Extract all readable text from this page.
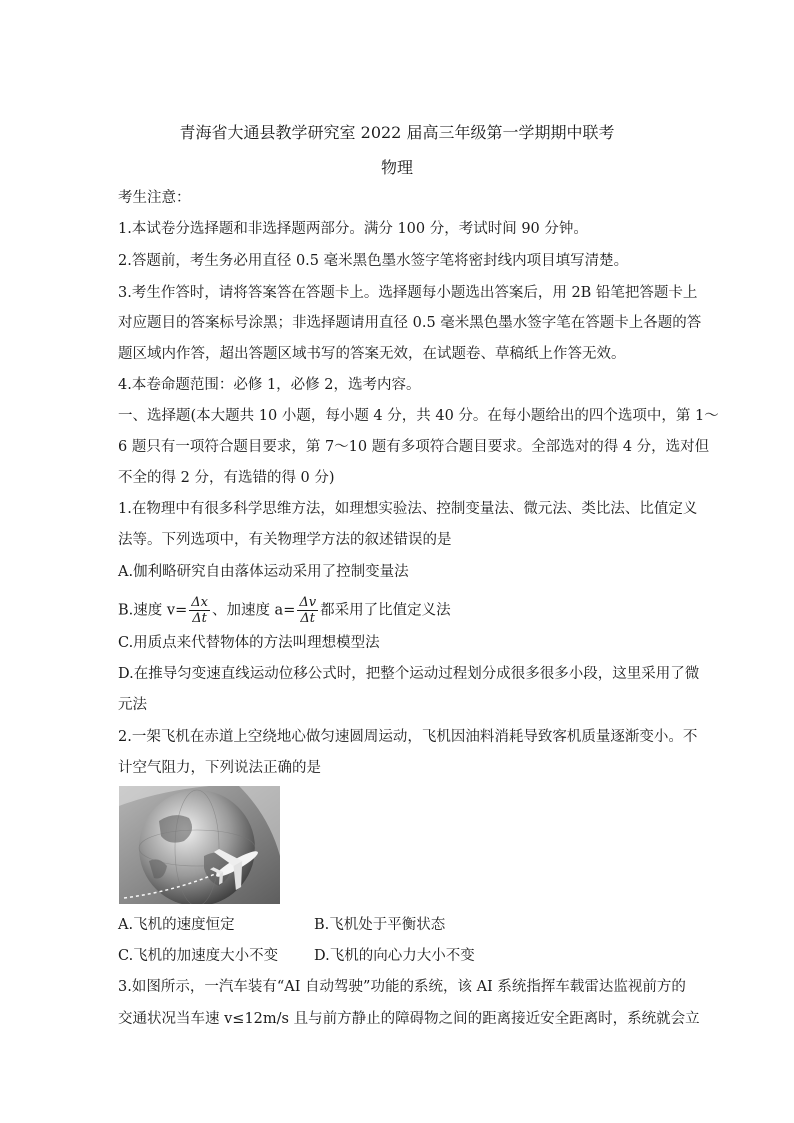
青海省大通县教学研究室 2022 届高三年级第一学期期中联考
物理
考生注意：
1.本试卷分选择题和非选择题两部分。满分 100 分，考试时间 90 分钟。
2.答题前，考生务必用直径 0.5 毫米黑色墨水签字笔将密封线内项目填写清楚。
3.考生作答时，请将答案答在答题卡上。选择题每小题选出答案后，用 2B 铅笔把答题卡上
对应题目的答案标号涂黑；非选择题请用直径 0.5 毫米黑色墨水签字笔在答题卡上各题的答
题区域内作答，超出答题区域书写的答案无效，在试题卷、草稿纸上作答无效。
4.本卷命题范围：必修 1，必修 2，选考内容。
一、选择题(本大题共 10 小题，每小题 4 分，共 40 分。在每小题给出的四个选项中，第 1～
6 题只有一项符合题目要求，第 7～10 题有多项符合题目要求。全部选对的得 4 分，选对但
不全的得 2 分，有选错的得 0 分)
1.在物理中有很多科学思维方法，如理想实验法、控制变量法、微元法、类比法、比值定义
法等。下列选项中，有关物理学方法的叙述错误的是
A.伽利略研究自由落体运动采用了控制变量法
B.速度 $v= \frac{\Delta x}{\Delta t}$ 、加速度 $a= \frac{\Delta v}{\Delta t}$ 都采用了比值定义法
C.用质点来代替物体的方法叫理想模型法
D.在推导匀变速直线运动位移公式时，把整个运动过程划分成很多很多小段，这里采用了微
元法
2.一架飞机在赤道上空绕地心做匀速圆周运动，飞机因油料消耗导致客机质量逐渐变小。不
计空气阻力，下列说法正确的是
A.飞机的速度恒定	B.飞机处于平衡状态
C.飞机的加速度大小不变	D.飞机的向心力大小不变
3.如图所示，一汽车装有“AI 自动驾驶”功能的系统，该 AI 系统指挥车载雷达监视前方的
交通状况当车速 v≤12m/s 且与前方静止的障碍物之间的距离接近安全距离时，系统就会立
